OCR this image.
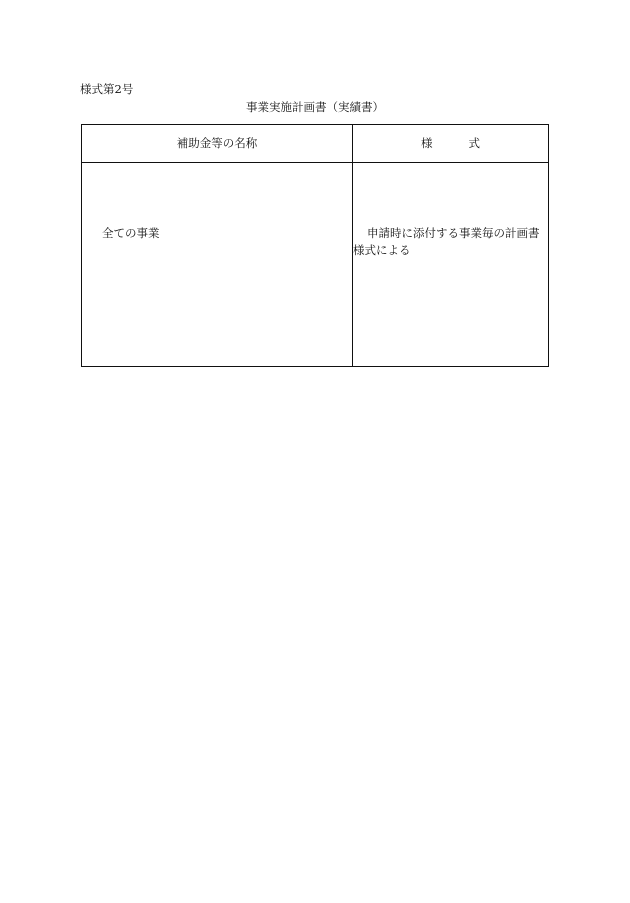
様式第2号
事業実施計画書（実績書）
補助金等の名称	様 式

全ての事業	申請時に添付する事業毎の計画書
様式による
